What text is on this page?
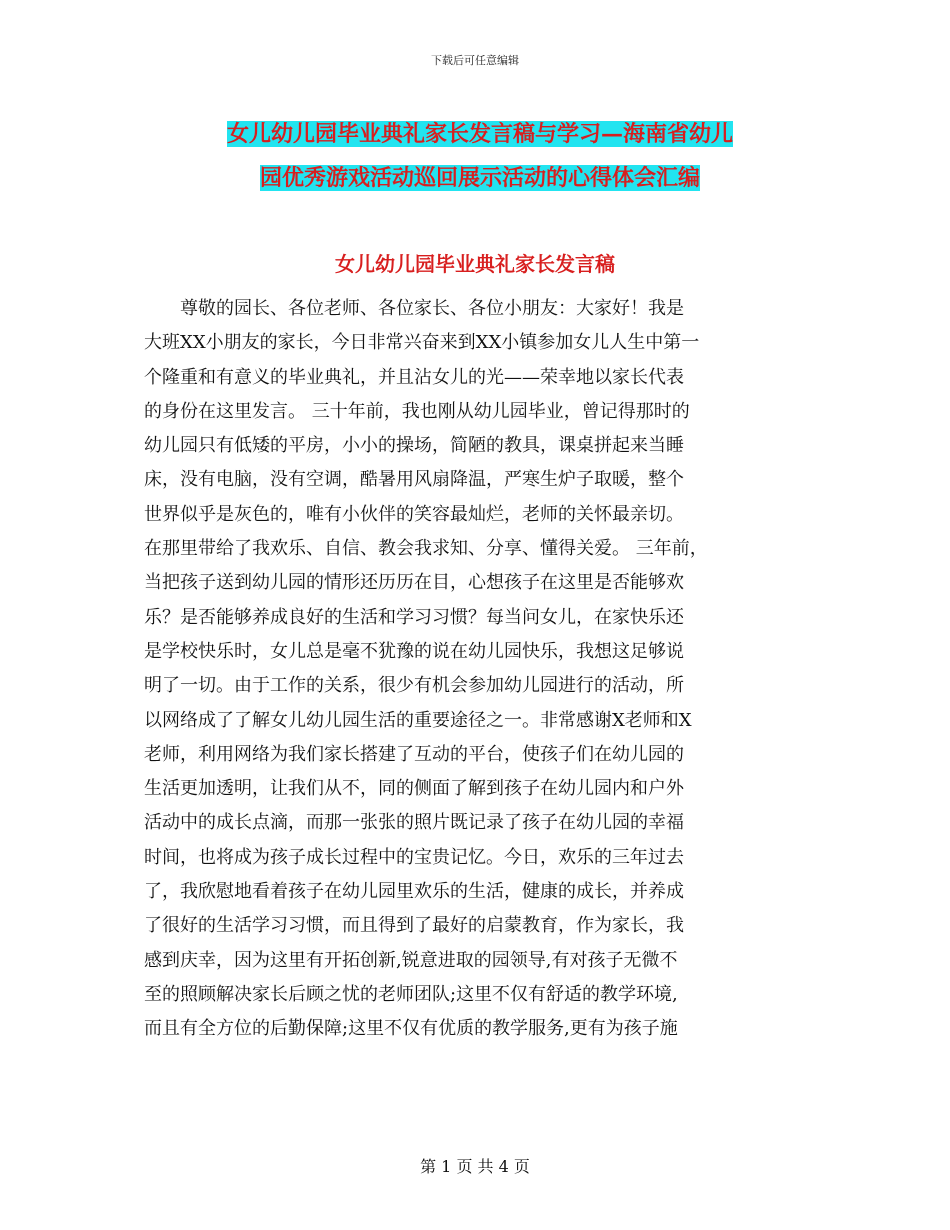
下载后可任意编辑
女儿幼儿园毕业典礼家长发言稿与学习—海南省幼儿
园优秀游戏活动巡回展示活动的心得体会汇编
女儿幼儿园毕业典礼家长发言稿

尊敬的园长、各位老师、各位家长、各位小朋友：大家好！我是
大班XX小朋友的家长，今日非常兴奋来到XX小镇参加女儿人生中第一
个隆重和有意义的毕业典礼，并且沾女儿的光——荣幸地以家长代表
的身份在这里发言。 三十年前，我也刚从幼儿园毕业，曾记得那时的
幼儿园只有低矮的平房，小小的操场，简陋的教具，课桌拼起来当睡
床，没有电脑，没有空调，酷暑用风扇降温，严寒生炉子取暖，整个
世界似乎是灰色的，唯有小伙伴的笑容最灿烂，老师的关怀最亲切。
在那里带给了我欢乐、自信、教会我求知、分享、懂得关爱。 三年前，
当把孩子送到幼儿园的情形还历历在目，心想孩子在这里是否能够欢
乐？是否能够养成良好的生活和学习习惯？每当问女儿，在家快乐还
是学校快乐时，女儿总是毫不犹豫的说在幼儿园快乐，我想这足够说
明了一切。由于工作的关系，很少有机会参加幼儿园进行的活动，所
以网络成了了解女儿幼儿园生活的重要途径之一。非常感谢X老师和X
老师，利用网络为我们家长搭建了互动的平台，使孩子们在幼儿园的
生活更加透明，让我们从不，同的侧面了解到孩子在幼儿园内和户外
活动中的成长点滴，而那一张张的照片既记录了孩子在幼儿园的幸福
时间，也将成为孩子成长过程中的宝贵记忆。今日，欢乐的三年过去
了，我欣慰地看着孩子在幼儿园里欢乐的生活，健康的成长，并养成
了很好的生活学习习惯，而且得到了最好的启蒙教育，作为家长，我
感到庆幸，因为这里有开拓创新,锐意进取的园领导,有对孩子无微不
至的照顾解决家长后顾之忧的老师团队;这里不仅有舒适的教学环境,
而且有全方位的后勤保障;这里不仅有优质的教学服务,更有为孩子施

第 1 页 共 4 页
